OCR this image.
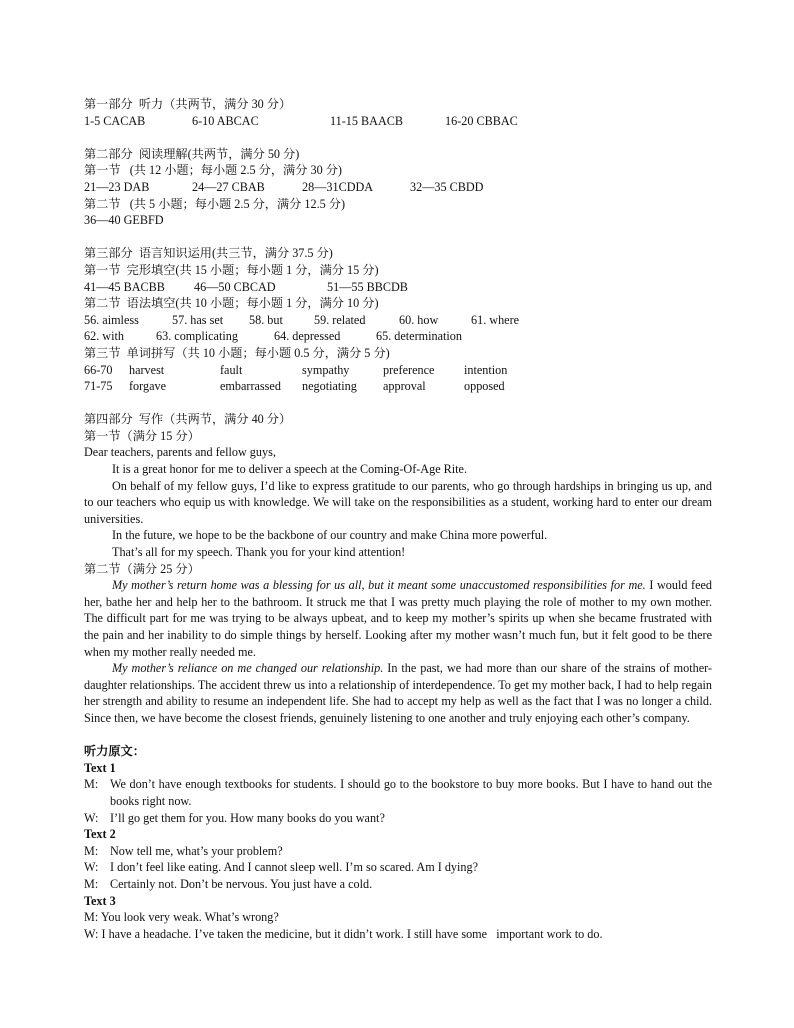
第一部分  听力（共两节，满分 30 分）
1-5 CACAB	6-10 ABCAC	11-15 BAACB	16-20 CBBAC
第二部分  阅读理解(共两节，满分 50 分)
第一节   (共 12 小题；每小题 2.5 分，满分 30 分)
21—23 DAB	24—27 CBAB	28—31CDDA	32—35 CBDD
第二节   (共 5 小题；每小题 2.5 分，满分 12.5 分)
36—40 GEBFD
第三部分  语言知识运用(共三节，满分 37.5 分)
第一节  完形填空(共 15 小题；每小题 1 分，满分 15 分)
41—45 BACBB 46—50 CBCAD	51—55 BBCDB
第二节  语法填空(共 10 小题；每小题 1 分，满分 10 分)
56. aimless	57. has set 58. but	59. related	60. how	61. where
62. with	63. complicating	64. depressed	65. determination
第三节  单词拼写（共 10 小题；每小题 0.5 分，满分 5 分)
66-70 harvest	fault	sympathy	preference intention
71-75 forgave	embarrassed negotiating approval	opposed
第四部分  写作（共两节，满分 40 分）
第一节（满分 15 分）
Dear teachers, parents and fellow guys,
It is a great honor for me to deliver a speech at the Coming-Of-Age Rite.
On behalf of my fellow guys, I’d like to express gratitude to our parents, who go through hardships in bringing us up, and to our teachers who equip us with knowledge. We will take on the responsibilities as a student, working hard to enter our dream universities.
In the future, we hope to be the backbone of our country and make China more powerful.
That’s all for my speech. Thank you for your kind attention!
第二节（满分 25 分）
My mother’s return home was a blessing for us all, but it meant some unaccustomed responsibilities for me. I would feed her, bathe her and help her to the bathroom. It struck me that I was pretty much playing the role of mother to my own mother. The difficult part for me was trying to be always upbeat, and to keep my mother’s spirits up when she became frustrated with the pain and her inability to do simple things by herself. Looking after my mother wasn’t much fun, but it felt good to be there when my mother really needed me.
My mother’s reliance on me changed our relationship. In the past, we had more than our share of the strains of mother-daughter relationships. The accident threw us into a relationship of interdependence. To get my mother back, I had to help regain her strength and ability to resume an independent life. She had to accept my help as well as the fact that I was no longer a child. Since then, we have become the closest friends, genuinely listening to one another and truly enjoying each other’s company.
听力原文：
Text 1
M: We don’t have enough textbooks for students. I should go to the bookstore to buy more books. But I have to hand out the books right now.
W: I’ll go get them for you. How many books do you want?
Text 2
M: Now tell me, what’s your problem?
W: I don’t feel like eating. And I cannot sleep well. I’m so scared. Am I dying?
M: Certainly not. Don’t be nervous. You just have a cold.
Text 3
M: You look very weak. What’s wrong?
W: I have a headache. I’ve taken the medicine, but it didn’t work. I still have some   important work to do.
